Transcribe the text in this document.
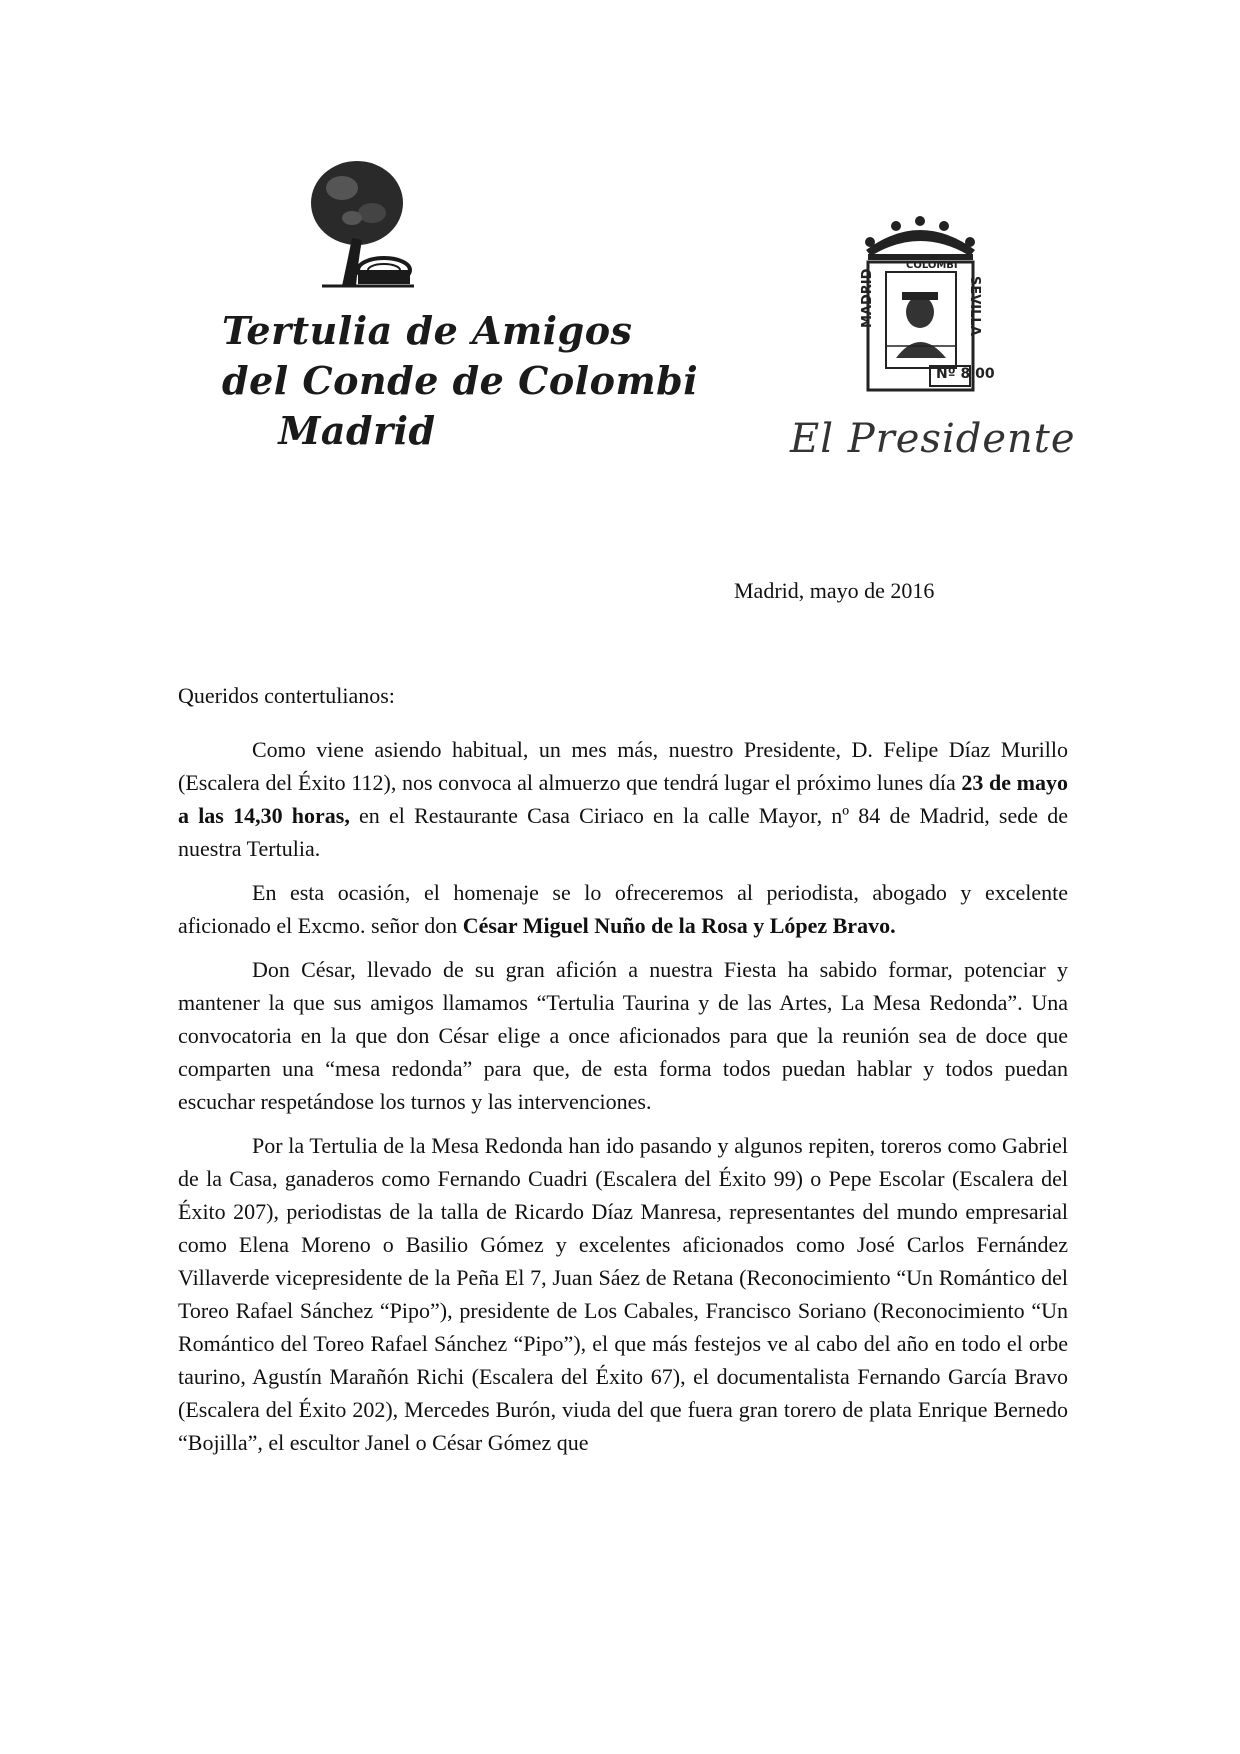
Tertulia de Amigos
del Conde de Colombi
Madrid
COLOMBI
MADRID	SEVILLA
Nº 8 00
El Presidente
Madrid, mayo de 2016
Queridos contertulianos:

Como viene asiendo habitual, un mes más, nuestro Presidente, D. Felipe Díaz Murillo (Escalera del Éxito 112), nos convoca al almuerzo que tendrá lugar el próximo lunes día 23 de mayo a las 14,30 horas, en el Restaurante Casa Ciriaco en la calle Mayor, nº 84 de Madrid, sede de nuestra Tertulia.

En esta ocasión, el homenaje se lo ofreceremos al periodista, abogado y excelente aficionado el Excmo. señor don César Miguel Nuño de la Rosa y López Bravo.

Don César, llevado de su gran afición a nuestra Fiesta ha sabido formar, potenciar y mantener la que sus amigos llamamos “Tertulia Taurina y de las Artes, La Mesa Redonda”. Una convocatoria en la que don César elige a once aficionados para que la reunión sea de doce que comparten una “mesa redonda” para que, de esta forma todos puedan hablar y todos puedan escuchar respetándose los turnos y las intervenciones.

Por la Tertulia de la Mesa Redonda han ido pasando y algunos repiten, toreros como Gabriel de la Casa, ganaderos como Fernando Cuadri (Escalera del Éxito 99) o Pepe Escolar (Escalera del Éxito 207), periodistas de la talla de Ricardo Díaz Manresa, representantes del mundo empresarial como Elena Moreno o Basilio Gómez y excelentes aficionados como José Carlos Fernández Villaverde vicepresidente de la Peña El 7, Juan Sáez de Retana (Reconocimiento “Un Romántico del Toreo Rafael Sánchez “Pipo”), presidente de Los Cabales, Francisco Soriano (Reconocimiento “Un Romántico del Toreo Rafael Sánchez “Pipo”), el que más festejos ve al cabo del año en todo el orbe taurino, Agustín Marañón Richi (Escalera del Éxito 67), el documentalista Fernando García Bravo (Escalera del Éxito 202), Mercedes Burón, viuda del que fuera gran torero de plata Enrique Bernedo “Bojilla”, el escultor Janel o César Gómez que
